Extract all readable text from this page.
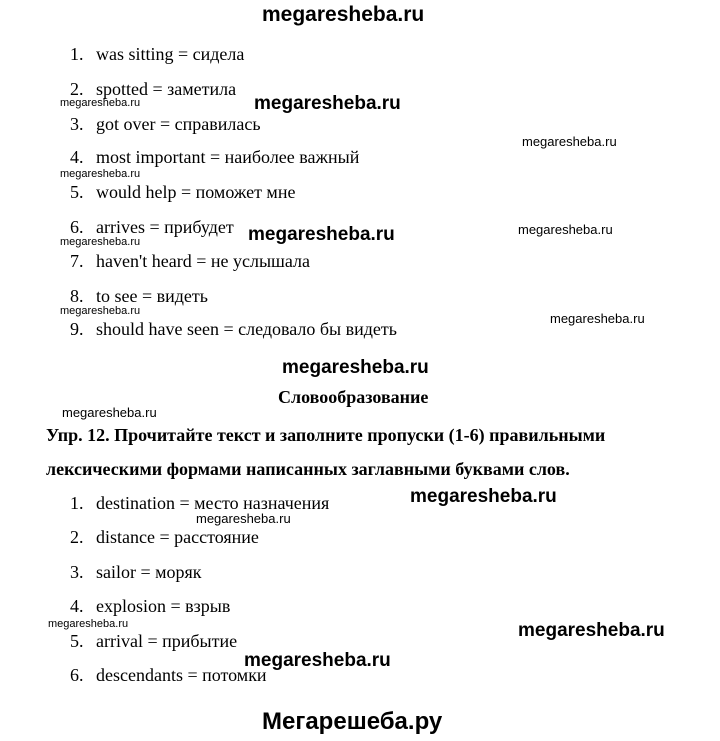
megaresheba.ru
1. was sitting = сидела
2. spotted = заметила
3. got over = справилась
4. most important = наиболее важный
5. would help = поможет мне
6. arrives = прибудет
7. haven't heard = не услышала
8. to see = видеть
9. should have seen = следовало бы видеть
megaresheba.ru	megaresheba.ru
megaresheba.ru
megaresheba.ru
megaresheba.ru	megaresheba.ru	megaresheba.ru
megaresheba.ru	megaresheba.ru
megaresheba.ru
Словообразование
megaresheba.ru
Упр. 12. Прочитайте текст и заполните пропуски (1-6) правильными
лексическими формами написанных заглавными буквами слов.
1. destination = место назначения
2. distance = расстояние
3. sailor = моряк
4. explosion = взрыв
5. arrival = прибытие
6. descendants = потомки
megaresheba.ru
megaresheba.ru
megaresheba.ru	megaresheba.ru
megaresheba.ru
Мегарешеба.ру
